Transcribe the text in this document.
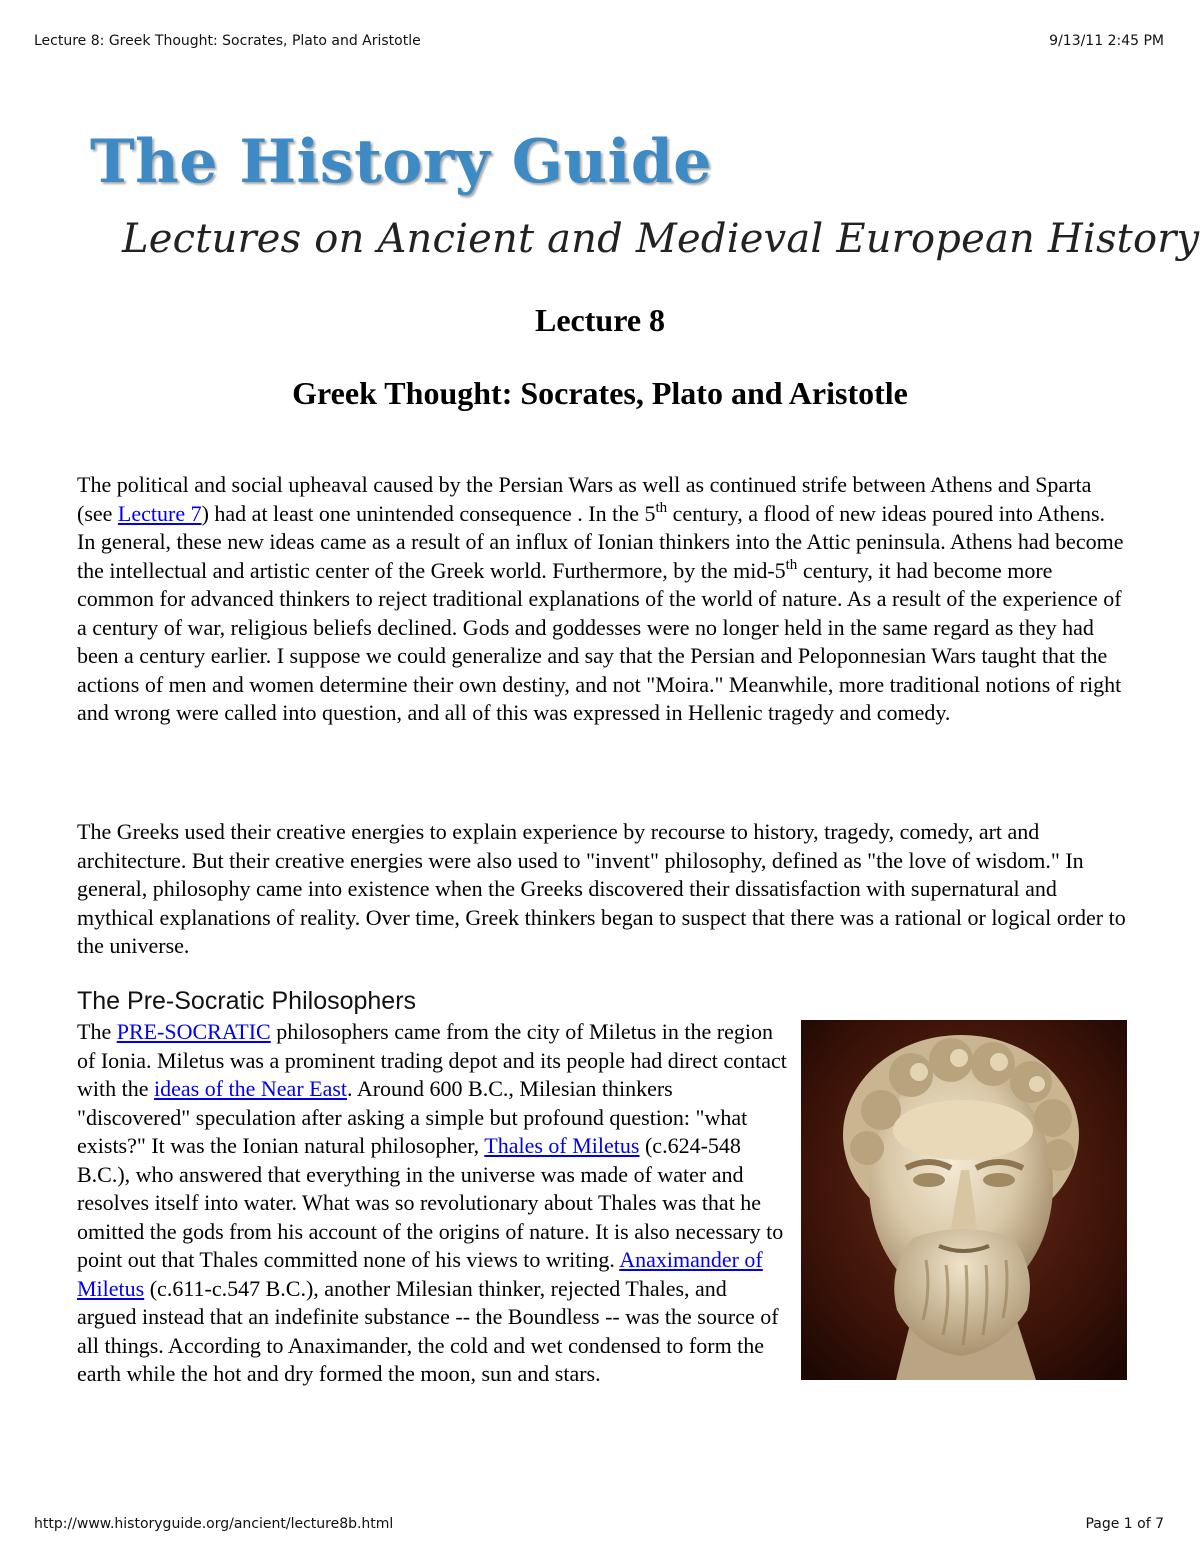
Lecture 8: Greek Thought: Socrates, Plato and Aristotle	9/13/11 2:45 PM
The History Guide
Lectures on Ancient and Medieval European History
Lecture 8
Greek Thought: Socrates, Plato and Aristotle

The political and social upheaval caused by the Persian Wars as well as continued strife between Athens and Sparta (see Lecture 7) had at least one unintended consequence . In the 5th century, a flood of new ideas poured into Athens. In general, these new ideas came as a result of an influx of Ionian thinkers into the Attic peninsula. Athens had become the intellectual and artistic center of the Greek world. Furthermore, by the mid-5th century, it had become more common for advanced thinkers to reject traditional explanations of the world of nature. As a result of the experience of a century of war, religious beliefs declined. Gods and goddesses were no longer held in the same regard as they had been a century earlier. I suppose we could generalize and say that the Persian and Peloponnesian Wars taught that the actions of men and women determine their own destiny, and not "Moira." Meanwhile, more traditional notions of right and wrong were called into question, and all of this was expressed in Hellenic tragedy and comedy.

The Greeks used their creative energies to explain experience by recourse to history, tragedy, comedy, art and architecture. But their creative energies were also used to "invent" philosophy, defined as "the love of wisdom." In general, philosophy came into existence when the Greeks discovered their dissatisfaction with supernatural and mythical explanations of reality. Over time, Greek thinkers began to suspect that there was a rational or logical order to the universe.

The Pre-Socratic Philosophers

The PRE-SOCRATIC philosophers came from the city of Miletus in the region of Ionia. Miletus was a prominent trading depot and its people had direct contact with the ideas of the Near East. Around 600 B.C., Milesian thinkers "discovered" speculation after asking a simple but profound question: "what exists?" It was the Ionian natural philosopher, Thales of Miletus (c.624-548 B.C.), who answered that everything in the universe was made of water and resolves itself into water. What was so revolutionary about Thales was that he omitted the gods from his account of the origins of nature. It is also necessary to point out that Thales committed none of his views to writing. Anaximander of Miletus (c.611-c.547 B.C.), another Milesian thinker, rejected Thales, and argued instead that an indefinite substance -- the Boundless -- was the source of all things. According to Anaximander, the cold and wet condensed to form the earth while the hot and dry formed the moon, sun and stars.

http://www.historyguide.org/ancient/lecture8b.html	Page 1 of 7
